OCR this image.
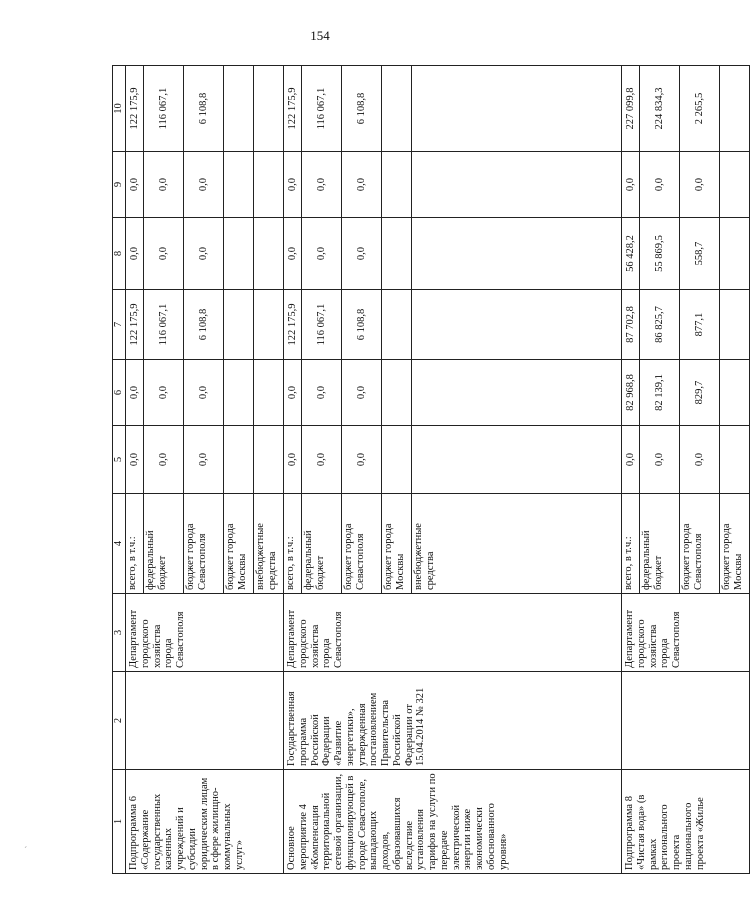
154
1	2	3	4	5	6	7	8	9	10
Подпрограмма 6 «Содержание государственных казенных учреждений и субсидии юридическим лицам в сфере жилищно-коммунальных услуг»		Департамент городского хозяйства города Севастополя	всего, в т.ч.:	0,0	0,0	122 175,9	0,0	0,0	122 175,9
			федеральный бюджет	0,0	0,0	116 067,1	0,0	0,0	116 067,1
			бюджет города Севастополя	0,0	0,0	6 108,8	0,0	0,0	6 108,8
			бюджет города Москвы						
			внебюджетные средства						
Основное мероприятие 4 «Компенсация территориальной сетевой организации, функционирующей в городе Севастополе, выпадающих доходов, образовавшихся вследствие установления тарифов на услуги по передаче электрической энергии ниже экономически обоснованного уровня»	Государственная программа Российской Федерации «Развитие энергетики», утвержденная постановлением Правительства Российской Федерации от 15.04.2014 № 321	Департамент городского хозяйства города Севастополя	всего, в т.ч.:	0,0	0,0	122 175,9	0,0	0,0	122 175,9
			федеральный бюджет	0,0	0,0	116 067,1	0,0	0,0	116 067,1
			бюджет города Севастополя	0,0	0,0	6 108,8	0,0	0,0	6 108,8
			бюджет города Москвы						
			внебюджетные средства						
Подпрограмма 8 «Чистая вода» (в рамках регионального проекта национального проекта «Жилье		Департамент городского хозяйства города Севастополя	всего, в т.ч.:	0,0	82 968,8	87 702,8	56 428,2	0,0	227 099,8
			федеральный бюджет	0,0	82 139,1	86 825,7	55 869,5	0,0	224 834,3
			бюджет города Севастополя	0,0	829,7	877,1	558,7	0,0	2 265,5
			бюджет города Москвы						
´
